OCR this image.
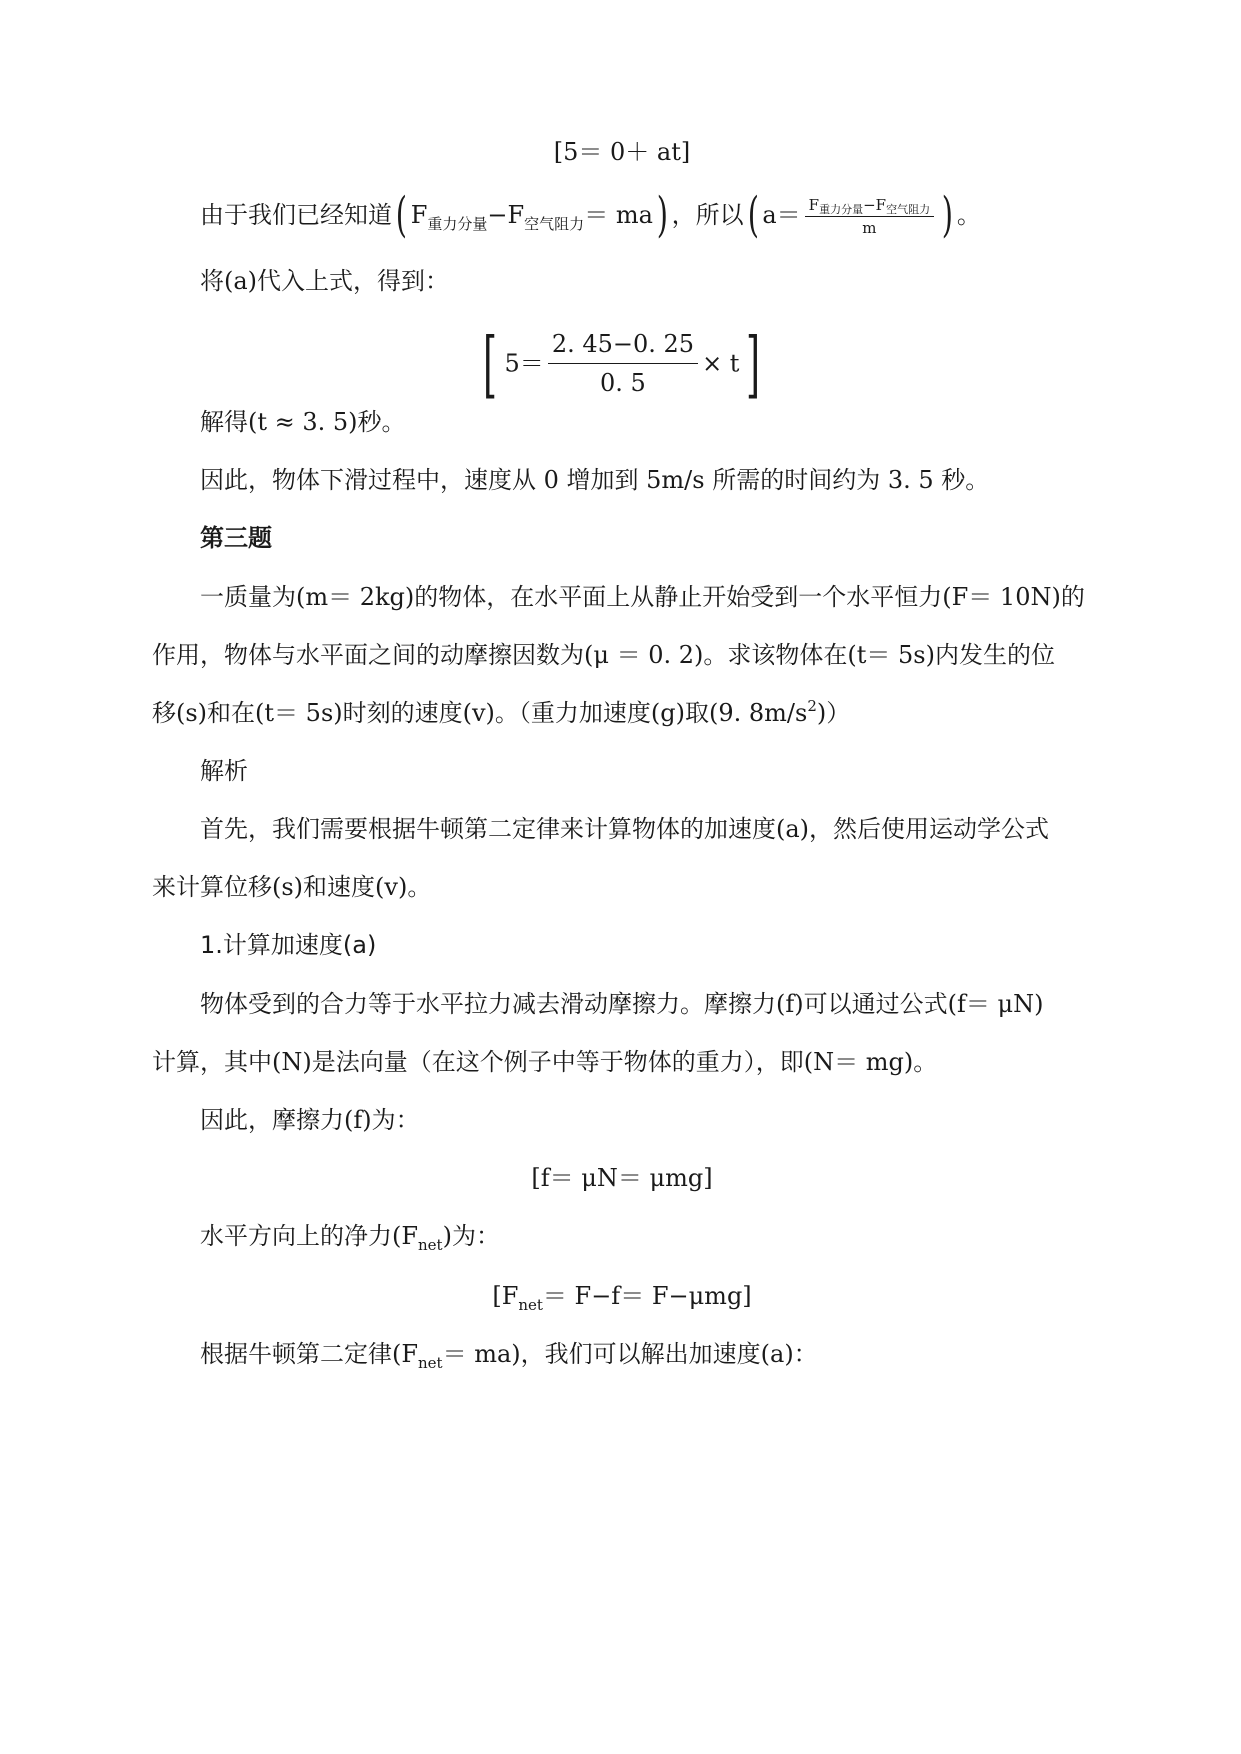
[5＝ 0＋ at]
由于我们已经知道( $F_{重力分量}-F_{空气阻力}= ma$) ，所以( $a= \frac{F_{重力分量}-F_{空气阻力}}{m}$ ) 。
将(a)代入上式，得到：
[ $5= \frac{2. 45-0. 25}{0. 5} \times t$]
解得(t ≈ 3. 5)秒。
因此，物体下滑过程中，速度从 0 增加到 5m/s 所需的时间约为 3. 5 秒。
第三题
一质量为(m＝ 2kg)的物体，在水平面上从静止开始受到一个水平恒力(F＝ 10N)的
作用，物体与水平面之间的动摩擦因数为(μ ＝ 0. 2)。求该物体在(t＝ 5s)内发生的位
移(s)和在(t＝ 5s)时刻的速度(v)。（重力加速度(g)取(9. $8m/s^2$)）
解析
首先，我们需要根据牛顿第二定律来计算物体的加速度(a)，然后使用运动学公式
来计算位移(s)和速度(v)。
1.计算加速度(a)
物体受到的合力等于水平拉力减去滑动摩擦力。摩擦力(f)可以通过公式(f＝ μN)
计算，其中(N)是法向量（在这个例子中等于物体的重力），即(N＝ mg)。
因此，摩擦力(f)为：
[f＝ μN＝ μmg]
水平方向上的净力$(F_{net})$为：
$[F_{net}= F-f= F-\mu mg]$
根据牛顿第二定律$(F_{net}= ma)$，我们可以解出加速度(a)：
